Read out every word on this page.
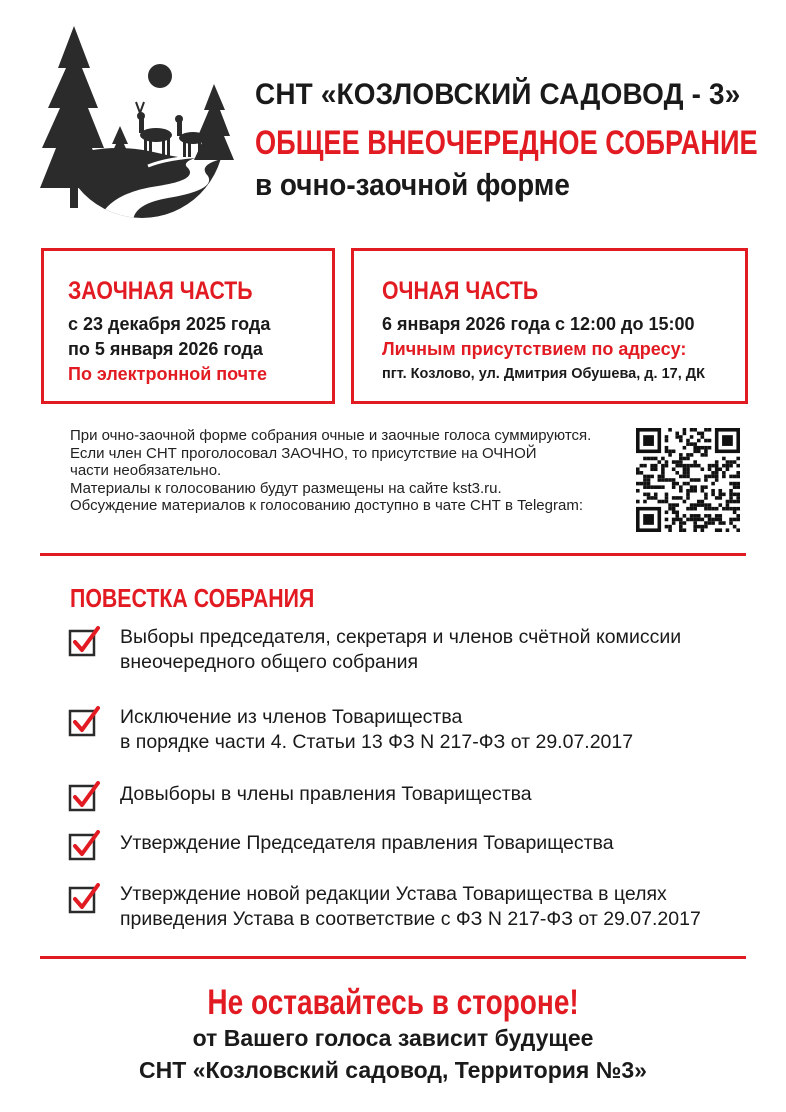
СНТ «КОЗЛОВСКИЙ САДОВОД - 3»
ОБЩЕЕ ВНЕОЧЕРЕДНОЕ СОБРАНИЕ
в очно-заочной форме
ЗАОЧНАЯ ЧАСТЬ
с 23 декабря 2025 года
по 5 января 2026 года
По электронной почте
ОЧНАЯ ЧАСТЬ
6 января 2026 года с 12:00 до 15:00
Личным присутствием по адресу:
пгт. Козлово, ул. Дмитрия Обушева, д. 17, ДК
При очно-заочной форме собрания очные и заочные голоса суммируются.
Если член СНТ проголосовал ЗАОЧНО, то присутствие на ОЧНОЙ
части необязательно.
Материалы к голосованию будут размещены на сайте kst3.ru.
Обсуждение материалов к голосованию доступно в чате СНТ в Telegram:
ПОВЕСТКА СОБРАНИЯ
Выборы председателя, секретаря и членов счётной комиссии
внеочередного общего собрания
Исключение из членов Товарищества
в порядке части 4. Статьи 13 ФЗ N 217-ФЗ от 29.07.2017
Довыборы в члены правления Товарищества
Утверждение Председателя правления Товарищества
Утверждение новой редакции Устава Товарищества в целях
приведения Устава в соответствие с ФЗ N 217-ФЗ от 29.07.2017
Не оставайтесь в стороне!
от Вашего голоса зависит будущее
СНТ «Козловский садовод, Территория №3»
